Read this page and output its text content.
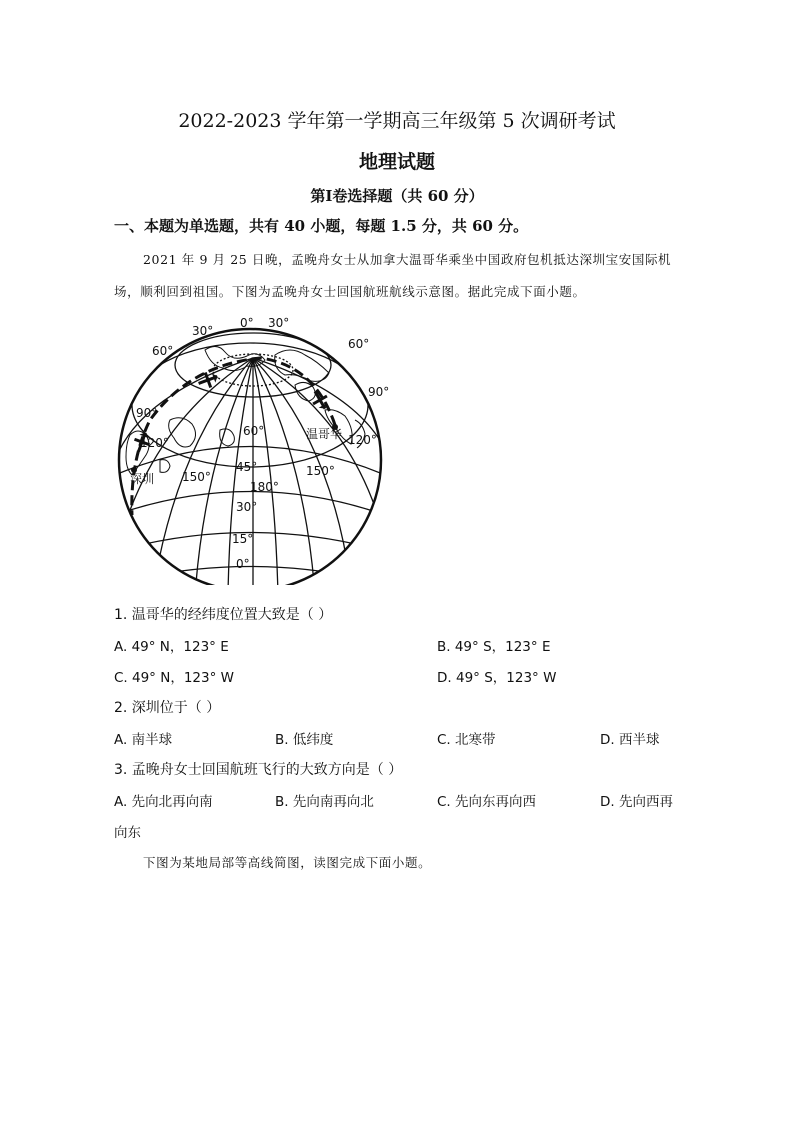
2022-2023 学年第一学期高三年级第 5 次调研考试
地理试题
第Ⅰ卷选择题（共 60 分）
一、本题为单选题，共有 40 小题，每题 1.5 分，共 60 分。
2021 年 9 月 25 日晚，孟晚舟女士从加拿大温哥华乘坐中国政府包机抵达深圳宝安国际机
场，顺利回到祖国。下图为孟晚舟女士回国航班航线示意图。据此完成下面小题。
0°
30°
30°
60°	60°
90°
90°
120°	120°
150°	150°
180°
60°
45°
30°
15°
0°
温哥华
深圳
1. 温哥华的经纬度位置大致是（ ）
A. 49° N，123° E	B. 49° S，123° E
C. 49° N，123° W	D. 49° S，123° W
2. 深圳位于（ ）
A. 南半球	B. 低纬度	C. 北寒带	D. 西半球
3. 孟晚舟女士回国航班飞行的大致方向是（ ）
A. 先向北再向南	B. 先向南再向北	C. 先向东再向西	D. 先向西再
向东
下图为某地局部等高线简图，读图完成下面小题。
